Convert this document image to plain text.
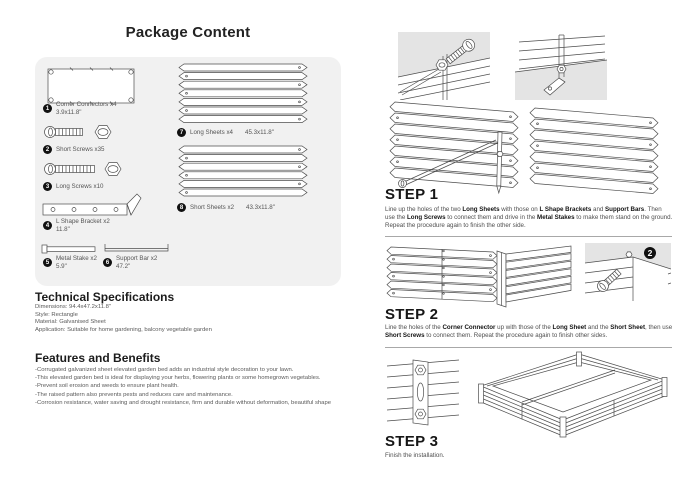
Package Content
1
Corner Connectors x4
3.9x11.8"
2	Short Screws x35
3	Long Screws x10
4
L Shape Bracket x2
11.8"
5
Metal Stake x2
5.9"	6
Support Bar x2
47.2"
7	Long Sheets x4 45.3x11.8"
8	Short Sheets x2 43.3x11.8"
Technical Specifications
Dimensions: 94.4x47.2x11.8"
Style: Rectangle
Material: Galvanised Sheet
Application: Suitable for home gardening, balcony vegetable garden
Features and Benefits
-Corrugated galvanized sheet elevated garden bed adds an industrial style decoration to your lawn.
-This elevated garden bed is ideal for displaying your herbs, flowering plants or some homegrown vegetables.
-Prevent soil erosion and weeds to ensure plant health.
-The raised pattern also prevents pests and reduces care and maintenance.
-Corrosion resistance, water saving and drought resistance, firm and durable without deformation, beautiful shape
STEP 1
Line up the holes of the two Long Sheets with those on L Shape Brackets and Support Bars. Then use the Long Screws to connect them and drive in the Metal Stakes to make them stand on the ground. Repeat the procedure again to finish the other side.
2
STEP 2
Line the holes of the Corner Connector up with those of the Long Sheet and the Short Sheet, then use Short Screws to connect them. Repeat the procedure again to finish other sides.
STEP 3
Finish the installation.
